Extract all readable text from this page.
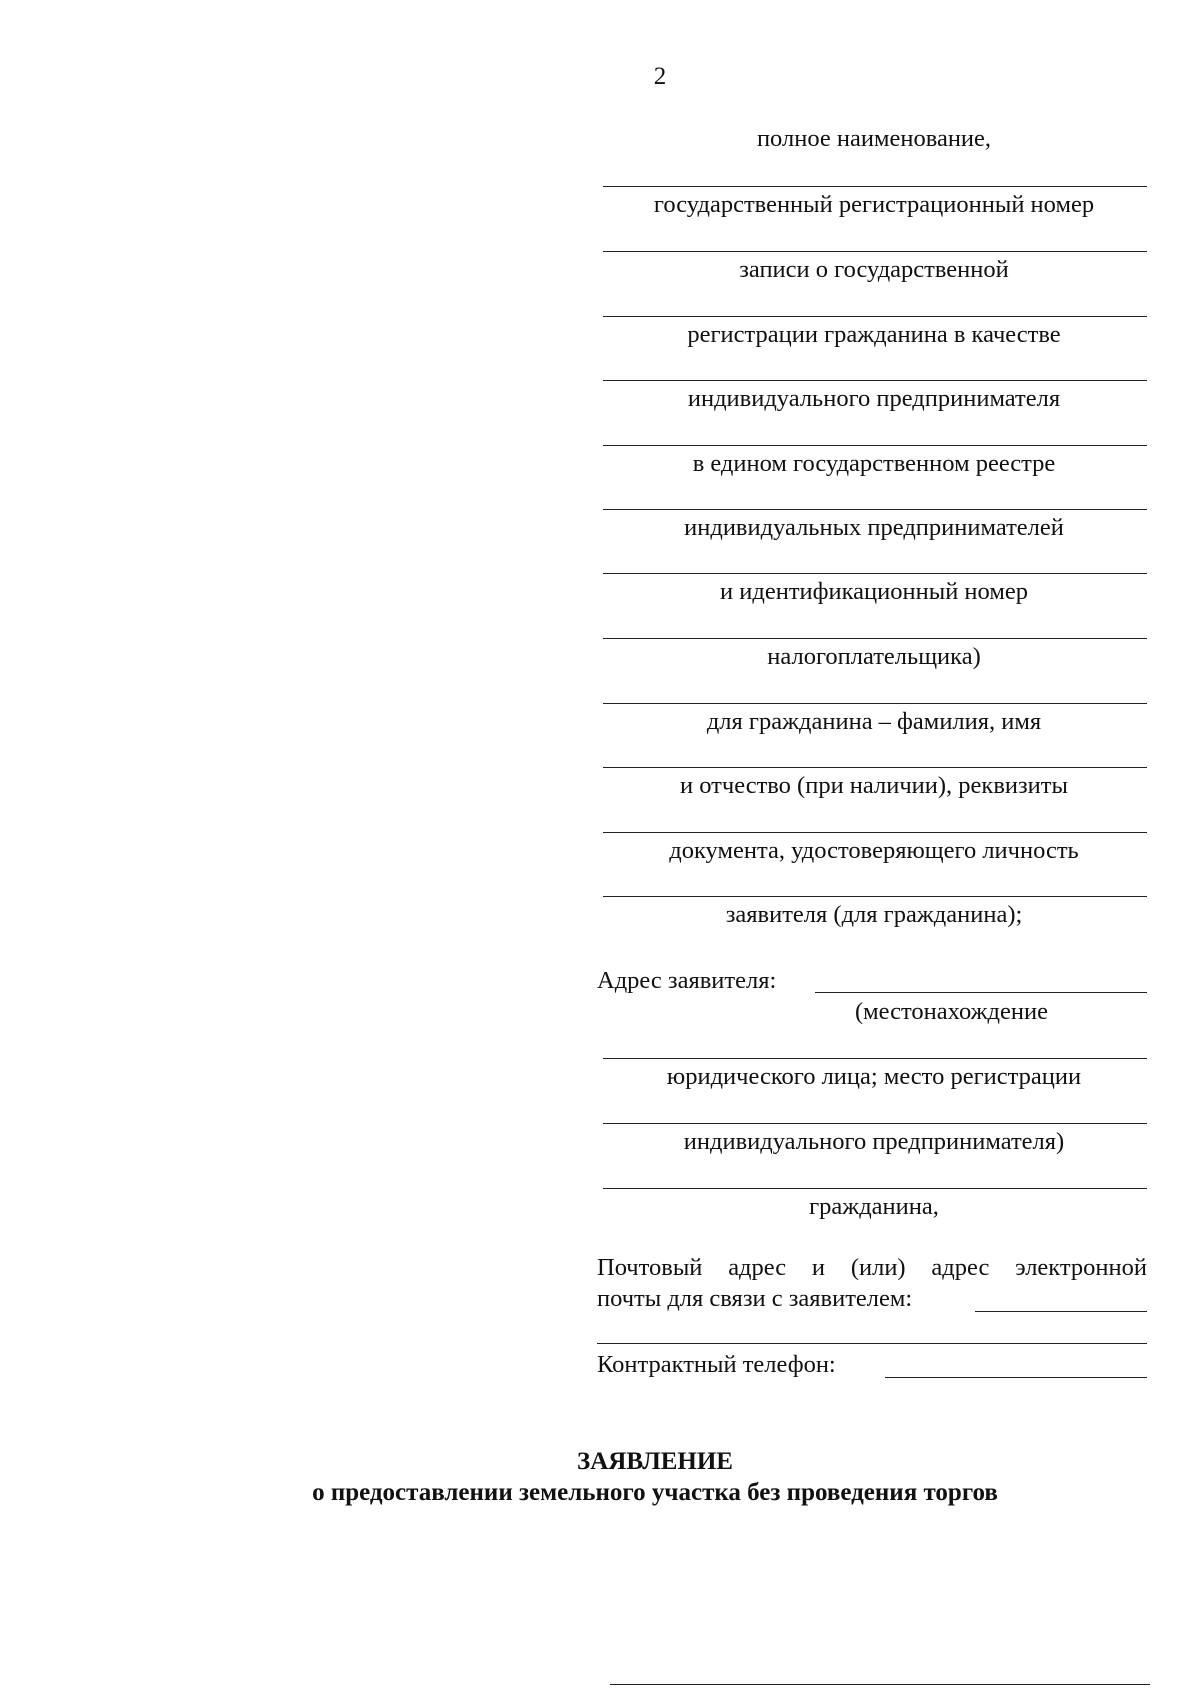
2
полное наименование,
государственный регистрационный номер
записи о государственной
регистрации гражданина в качестве
индивидуального предпринимателя
в едином государственном реестре
индивидуальных предпринимателей
и идентификационный номер
налогоплательщика)
для гражданина – фамилия, имя
и отчество (при наличии), реквизиты
документа, удостоверяющего личность
заявителя (для гражданина);
Адрес заявителя:
(местонахождение
юридического лица; место регистрации
индивидуального предпринимателя)
гражданина,
Почтовый адрес и (или) адрес электронной
почты для связи с заявителем:
Контрактный телефон:
ЗАЯВЛЕНИЕ
о предоставлении земельного участка без проведения торгов
